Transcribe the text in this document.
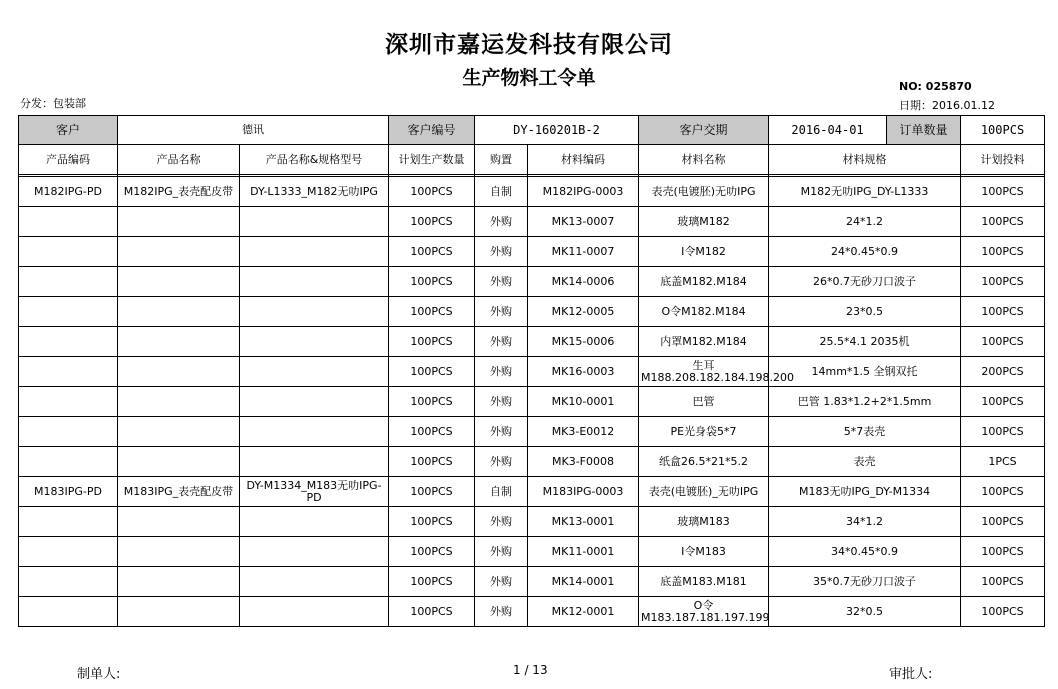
深圳市嘉运发科技有限公司
生产物料工令单	NO: 025870
日期：2016.01.12
分发：包装部
客户	德讯		客户编号	DY-160201B-2		客户交期	2016-04-01 订单数量	100PCS
产品编码	产品名称	产品名称&规格型号	计划生产数量	购置	材料编码	材料名称	材料规格	计划投料

M182IPG-PD	M182IPG_表壳配皮带	DY-L1333_M182无叻IPG	100PCS	自制	M182IPG-0003	表壳(电镀胚)无叻IPG	M182无叻IPG_DY-L1333	100PCS
			100PCS	外购	MK13-0007	玻璃M182	24*1.2	100PCS
			100PCS	外购	MK11-0007	I令M182	24*0.45*0.9	100PCS
			100PCS	外购	MK14-0006	底盖M182.M184	26*0.7无砂刀口波子	100PCS
			100PCS	外购	MK12-0005	O令M182.M184	23*0.5	100PCS
			100PCS	外购	MK15-0006	内罩M182.M184	25.5*4.1 2035机	100PCS
			100PCS	外购	MK16-0003	生耳M188.208.182.184.198.200	14mm*1.5 全钢双托	200PCS
			100PCS	外购	MK10-0001	巴管	巴管 1.83*1.2+2*1.5mm	100PCS
			100PCS	外购	MK3-E0012	PE光身袋5*7	5*7表壳	100PCS
			100PCS	外购	MK3-F0008	纸盒26.5*21*5.2	表壳	1PCS
M183IPG-PD	M183IPG_表壳配皮带	DY-M1334_M183无叻IPG-PD	100PCS	自制	M183IPG-0003	表壳(电镀胚)_无叻IPG	M183无叻IPG_DY-M1334	100PCS
			100PCS	外购	MK13-0001	玻璃M183	34*1.2	100PCS
			100PCS	外购	MK11-0001	I令M183	34*0.45*0.9	100PCS
			100PCS	外购	MK14-0001	底盖M183.M181	35*0.7无砂刀口波子	100PCS
			100PCS	外购	MK12-0001	O令M183.187.181.197.199	32*0.5	100PCS
制单人:	1 / 13	审批人:
